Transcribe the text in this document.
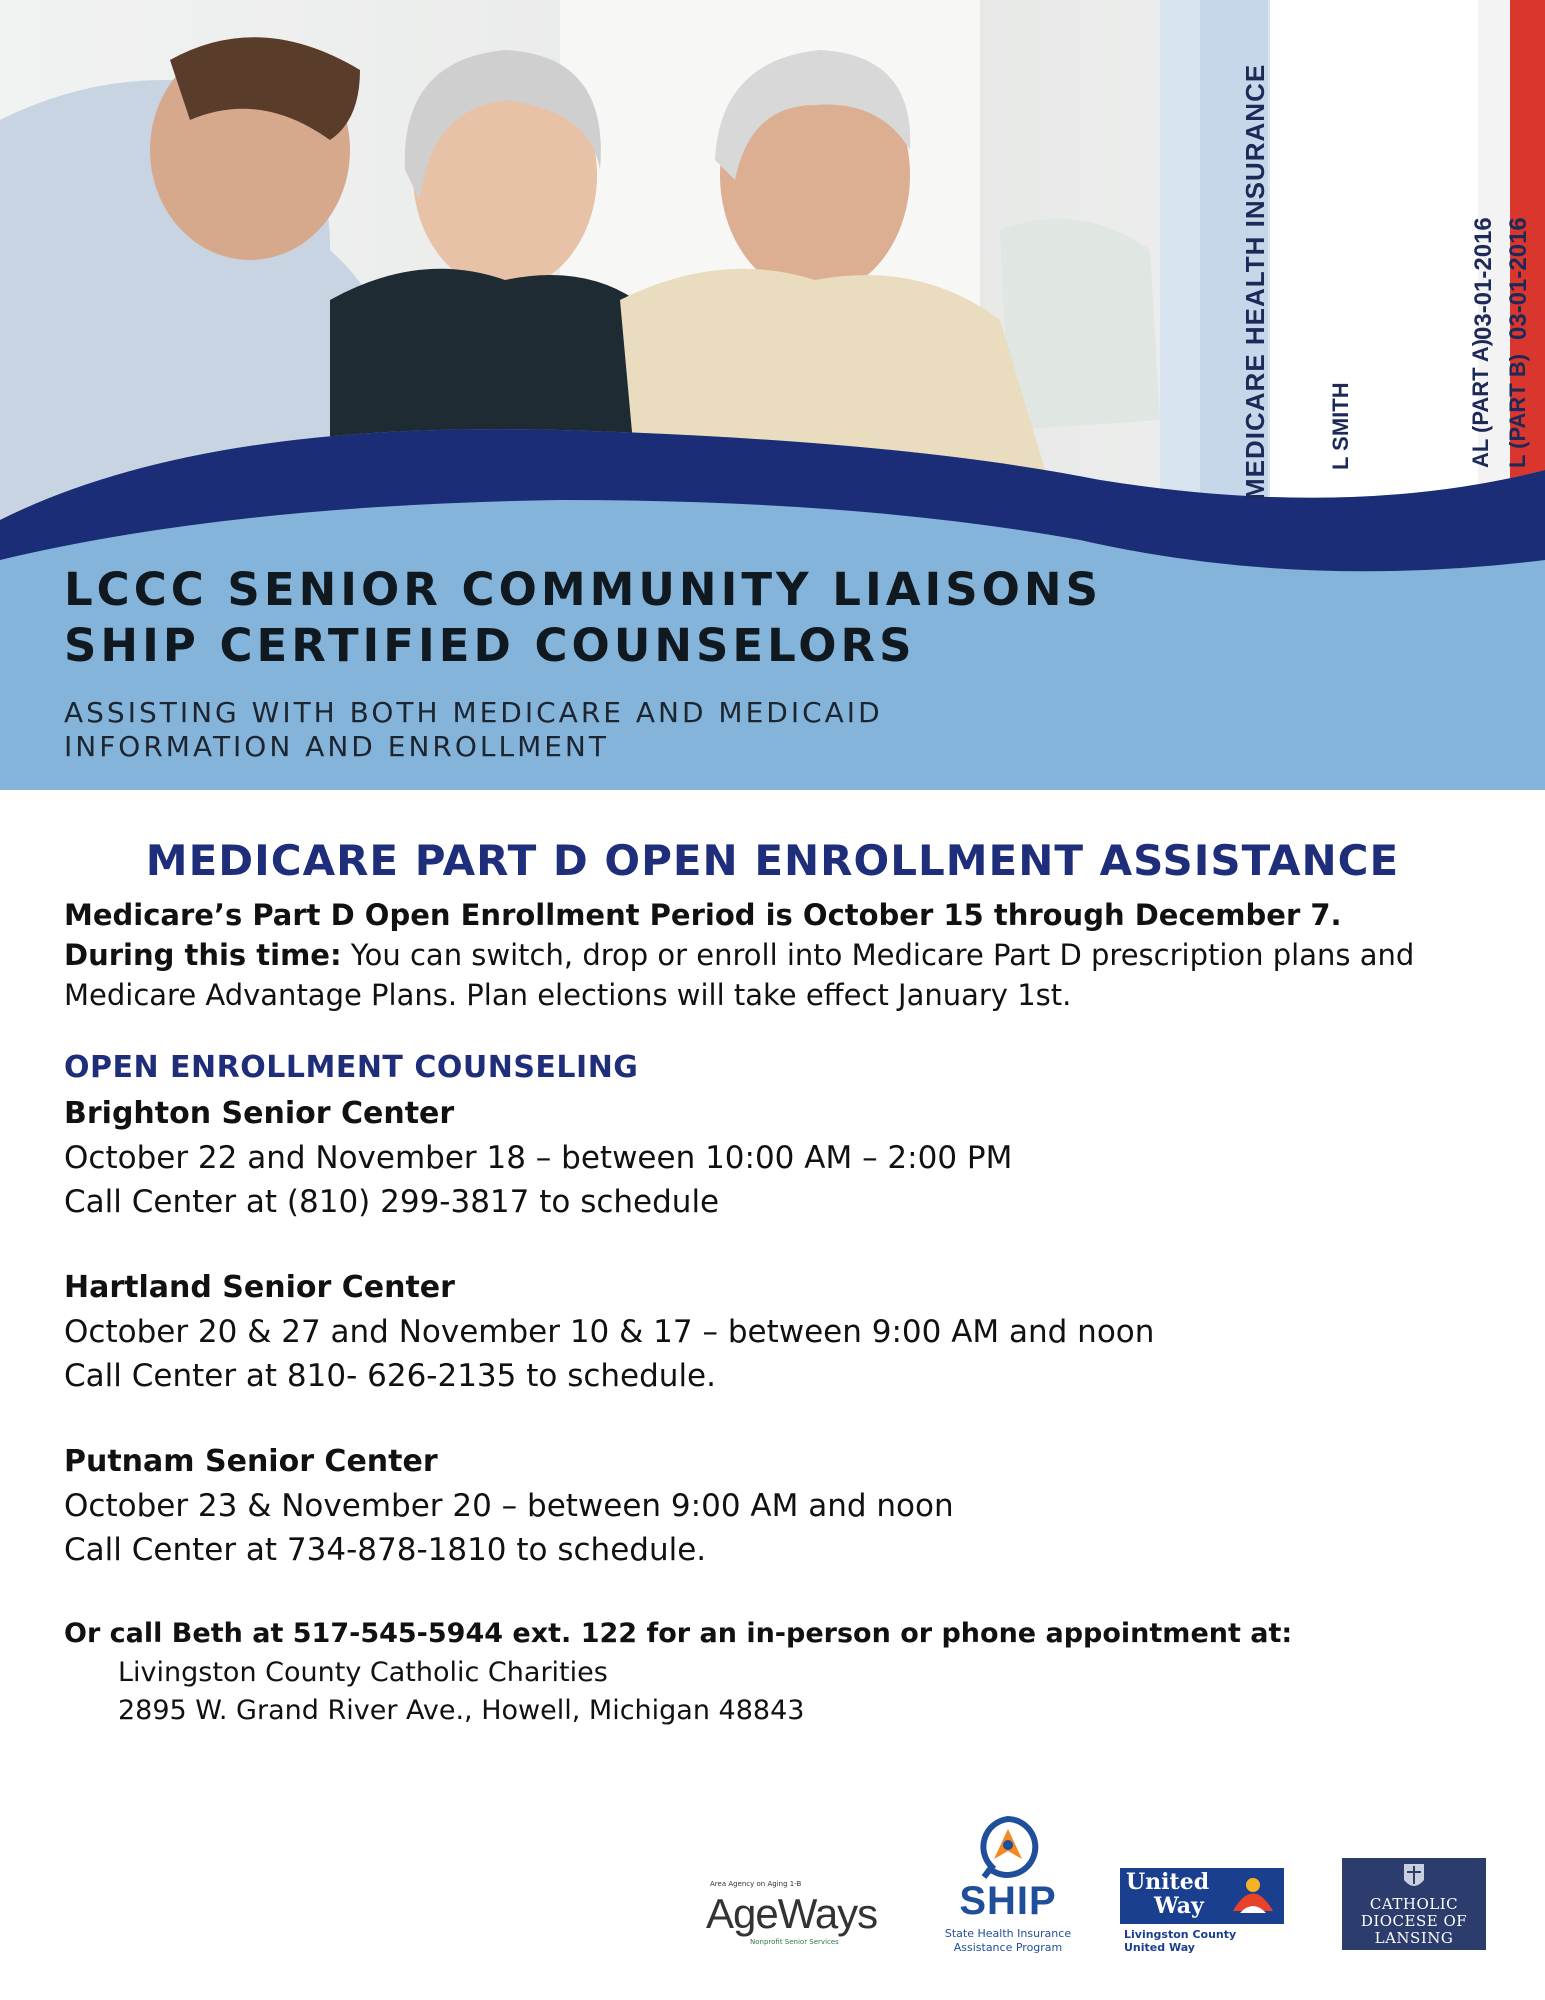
MEDICARE HEALTH INSURANCE	L SMITH	AL (PART A) L (PART B)
03-01-2016 03-01-2016
LCCC SENIOR COMMUNITY LIAISONS
SHIP CERTIFIED COUNSELORS
ASSISTING WITH BOTH MEDICARE AND MEDICAID
INFORMATION AND ENROLLMENT
MEDICARE PART D OPEN ENROLLMENT ASSISTANCE

Medicare’s Part D Open Enrollment Period is October 15 through December 7.

During this time: You can switch, drop or enroll into Medicare Part D prescription plans and Medicare Advantage Plans. Plan elections will take effect January 1st.

OPEN ENROLLMENT COUNSELING
Brighton Senior Center
October 22 and November 18 – between 10:00 AM – 2:00 PM
Call Center at (810) 299-3817 to schedule
Hartland Senior Center
October 20 & 27 and November 10 & 17 – between 9:00 AM and noon
Call Center at 810- 626-2135 to schedule.
Putnam Senior Center
October 23 & November 20 – between 9:00 AM and noon
Call Center at 734-878-1810 to schedule.
Or call Beth at 517-545-5944 ext. 122 for an in-person or phone appointment at:
Livingston County Catholic Charities
2895 W. Grand River Ave., Howell, Michigan 48843
Area Agency on Aging 1-B
AgeWays
Nonprofit Senior Services
SHIP
State Health Insurance
Assistance Program
United
Way
Livingston County
United Way
CATHOLIC
DIOCESE OF
LANSING
